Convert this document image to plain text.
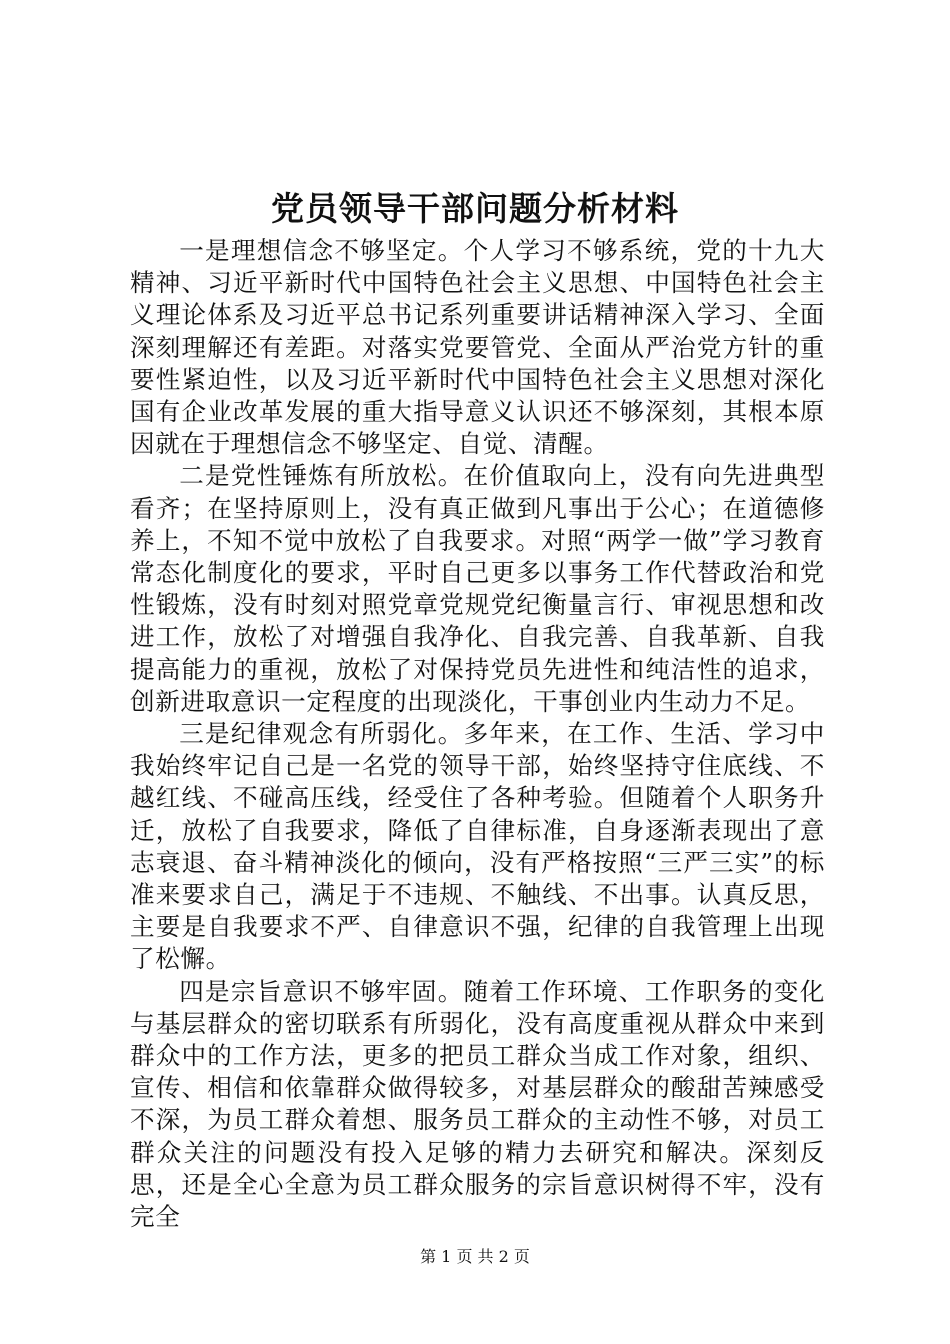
党员领导干部问题分析材料

一是理想信念不够坚定。个人学习不够系统，党的十九大精神、习近平新时代中国特色社会主义思想、中国特色社会主义理论体系及习近平总书记系列重要讲话精神深入学习、全面深刻理解还有差距。对落实党要管党、全面从严治党方针的重要性紧迫性，以及习近平新时代中国特色社会主义思想对深化国有企业改革发展的重大指导意义认识还不够深刻，其根本原因就在于理想信念不够坚定、自觉、清醒。

二是党性锤炼有所放松。在价值取向上，没有向先进典型看齐；在坚持原则上，没有真正做到凡事出于公心；在道德修养上，不知不觉中放松了自我要求。对照“两学一做”学习教育常态化制度化的要求，平时自己更多以事务工作代替政治和党性锻炼，没有时刻对照党章党规党纪衡量言行、审视思想和改进工作，放松了对增强自我净化、自我完善、自我革新、自我提高能力的重视，放松了对保持党员先进性和纯洁性的追求，创新进取意识一定程度的出现淡化，干事创业内生动力不足。

三是纪律观念有所弱化。多年来，在工作、生活、学习中我始终牢记自己是一名党的领导干部，始终坚持守住底线、不越红线、不碰高压线，经受住了各种考验。但随着个人职务升迁，放松了自我要求，降低了自律标准，自身逐渐表现出了意志衰退、奋斗精神淡化的倾向，没有严格按照“三严三实”的标准来要求自己，满足于不违规、不触线、不出事。认真反思，主要是自我要求不严、自律意识不强，纪律的自我管理上出现了松懈。

四是宗旨意识不够牢固。随着工作环境、工作职务的变化与基层群众的密切联系有所弱化，没有高度重视从群众中来到群众中的工作方法，更多的把员工群众当成工作对象，组织、宣传、相信和依靠群众做得较多，对基层群众的酸甜苦辣感受不深，为员工群众着想、服务员工群众的主动性不够，对员工群众关注的问题没有投入足够的精力去研究和解决。深刻反思，还是全心全意为员工群众服务的宗旨意识树得不牢，没有完全

第 1 页 共 2 页
